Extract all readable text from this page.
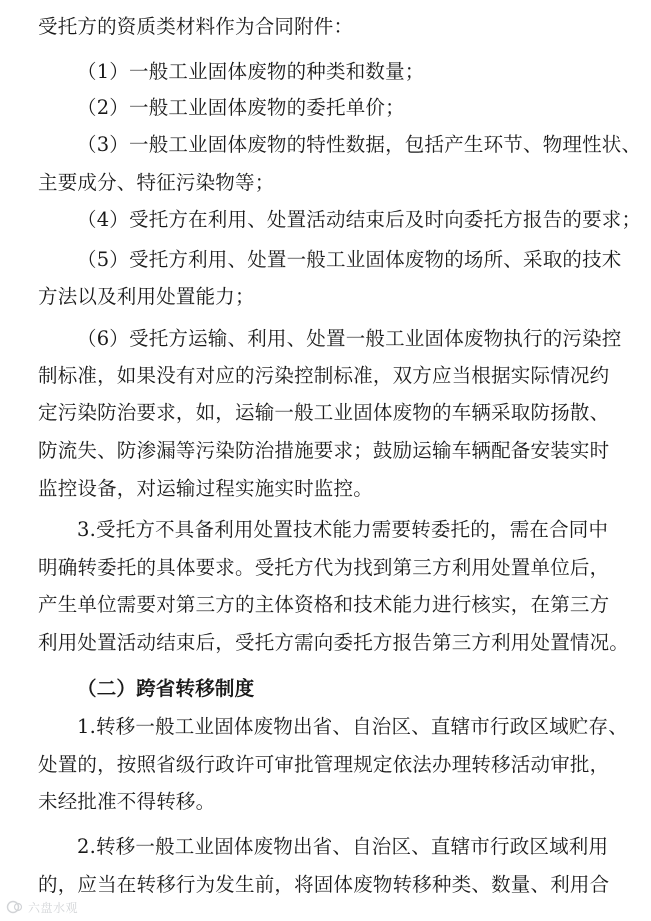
受托方的资质类材料作为合同附件：
（1）一般工业固体废物的种类和数量；
（2）一般工业固体废物的委托单价；
（3）一般工业固体废物的特性数据，包括产生环节、物理性状、
主要成分、特征污染物等；
（4）受托方在利用、处置活动结束后及时向委托方报告的要求；
（5）受托方利用、处置一般工业固体废物的场所、采取的技术
方法以及利用处置能力；
（6）受托方运输、利用、处置一般工业固体废物执行的污染控
制标准，如果没有对应的污染控制标准，双方应当根据实际情况约
定污染防治要求，如，运输一般工业固体废物的车辆采取防扬散、
防流失、防渗漏等污染防治措施要求；鼓励运输车辆配备安装实时
监控设备，对运输过程实施实时监控。
3.受托方不具备利用处置技术能力需要转委托的，需在合同中
明确转委托的具体要求。受托方代为找到第三方利用处置单位后，
产生单位需要对第三方的主体资格和技术能力进行核实，在第三方
利用处置活动结束后，受托方需向委托方报告第三方利用处置情况。
（二）跨省转移制度
1.转移一般工业固体废物出省、自治区、直辖市行政区域贮存、
处置的，按照省级行政许可审批管理规定依法办理转移活动审批，
未经批准不得转移。
2.转移一般工业固体废物出省、自治区、直辖市行政区域利用
的，应当在转移行为发生前，将固体废物转移种类、数量、利用合
六盘水观
